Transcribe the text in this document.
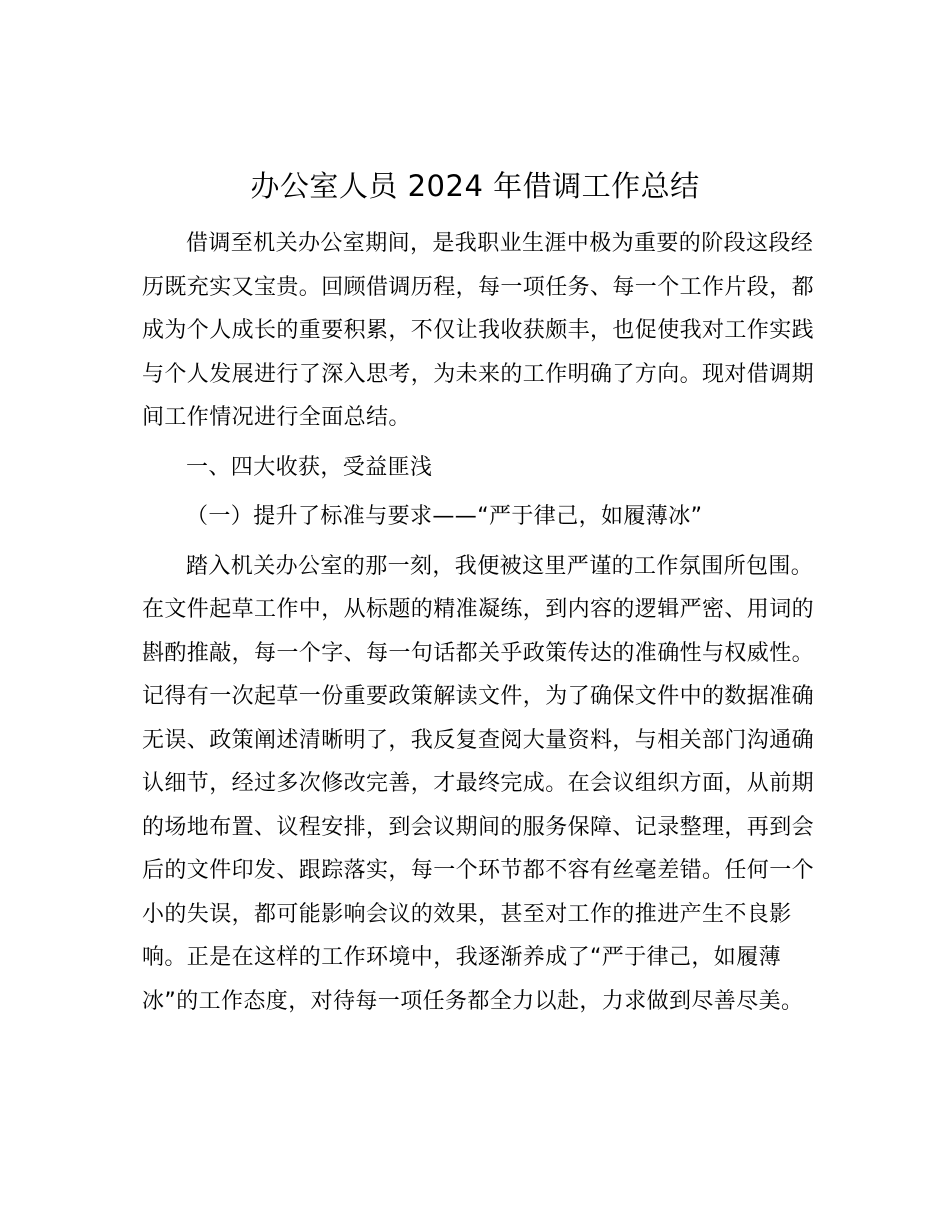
办公室人员 2024 年借调工作总结

借调至机关办公室期间，是我职业生涯中极为重要的阶段这段经历既充实又宝贵。回顾借调历程，每一项任务、每一个工作片段，都成为个人成长的重要积累，不仅让我收获颇丰，也促使我对工作实践与个人发展进行了深入思考，为未来的工作明确了方向。现对借调期间工作情况进行全面总结。

一、四大收获，受益匪浅

（一）提升了标准与要求——“严于律己，如履薄冰”

踏入机关办公室的那一刻，我便被这里严谨的工作氛围所包围。在文件起草工作中，从标题的精准凝练，到内容的逻辑严密、用词的斟酌推敲，每一个字、每一句话都关乎政策传达的准确性与权威性。记得有一次起草一份重要政策解读文件，为了确保文件中的数据准确无误、政策阐述清晰明了，我反复查阅大量资料，与相关部门沟通确认细节，经过多次修改完善，才最终完成。在会议组织方面，从前期的场地布置、议程安排，到会议期间的服务保障、记录整理，再到会后的文件印发、跟踪落实，每一个环节都不容有丝毫差错。任何一个小的失误，都可能影响会议的效果，甚至对工作的推进产生不良影响。正是在这样的工作环境中，我逐渐养成了“严于律己，如履薄冰”的工作态度，对待每一项任务都全力以赴，力求做到尽善尽美。
